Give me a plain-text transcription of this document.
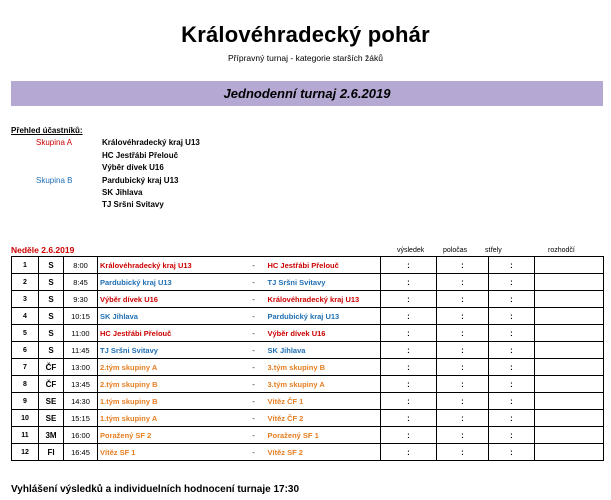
Královéhradecký pohár
Přípravný turnaj - kategorie starších žáků
Jednodenní turnaj 2.6.2019
Přehled účastníků:
Skupina A	Královéhradecký kraj U13
HC Jestřábi Přelouč
Výběr dívek U16
Skupina B	Pardubický kraj U13
SK Jihlava
TJ Sršni Svitavy
Neděle 2.6.2019	výsledek	poločas	střely	rozhodčí
1	S	8:00	Královéhradecký kraj U13	- HC Jestřábi Přelouč	:	:	:	
2	S	8:45	Pardubický kraj U13	- TJ Sršni Svitavy	:	:	:	
3	S	9:30	Výběr dívek U16	- Královéhradecký kraj U13	:	:	:	
4	S	10:15	SK Jihlava	- Pardubický kraj U13	:	:	:	
5	S	11:00	HC Jestřábi Přelouč	- Výběr dívek U16	:	:	:	
6	S	11:45	TJ Sršni Svitavy	- SK Jihlava	:	:	:	
7	ČF	13:00	2.tým skupiny A	- 3.tým skupiny B	:	:	:	
8	ČF	13:45	2.tým skupiny B	- 3.tým skupiny A	:	:	:	
9	SE	14:30	1.tým skupiny B	- Vítěz ČF 1	:	:	:	
10	SE	15:15	1.tým skupiny A	- Vítěz ČF 2	:	:	:	
11	3M	16:00	Poražený SF 2	- Poražený SF 1	:	:	:	
12	FI	16:45	Vítěz SF 1	- Vítěz SF 2	:	:	:	
Vyhlášení výsledků a individuelních hodnocení turnaje 17:30
